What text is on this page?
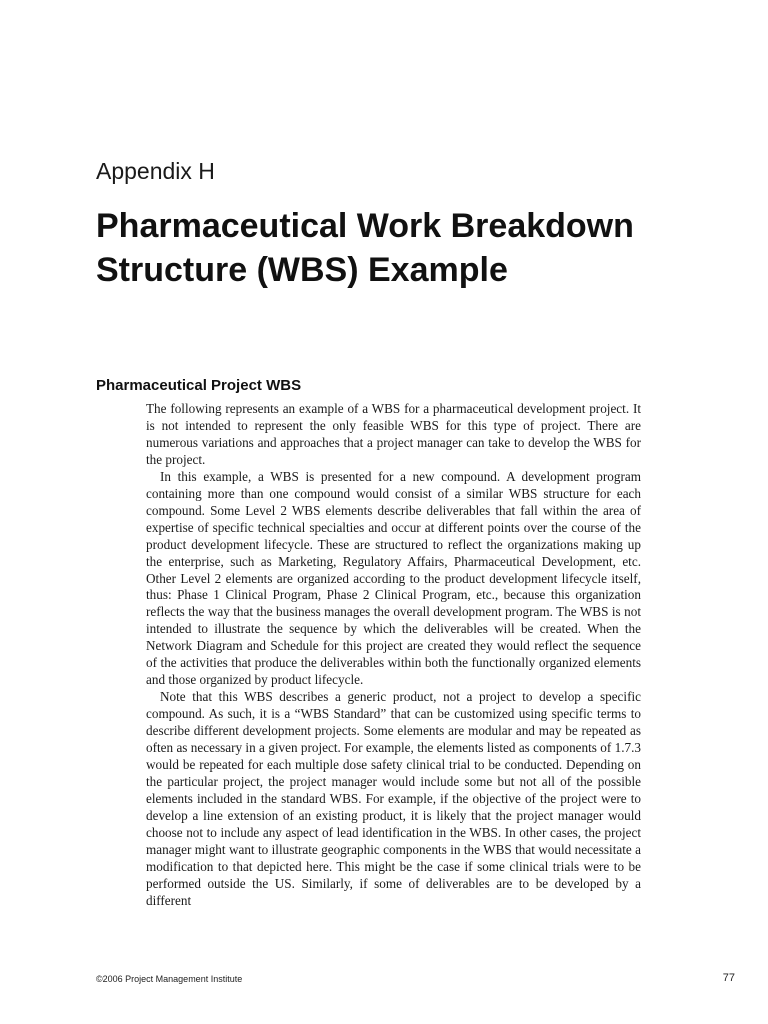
Appendix H
Pharmaceutical Work Breakdown Structure (WBS) Example
Pharmaceutical Project WBS

The following represents an example of a WBS for a pharmaceutical development project. It is not intended to represent the only feasible WBS for this type of project. There are numerous variations and approaches that a project manager can take to develop the WBS for the project.

In this example, a WBS is presented for a new compound. A development program containing more than one compound would consist of a similar WBS structure for each compound. Some Level 2 WBS elements describe deliverables that fall within the area of expertise of specific technical specialties and occur at different points over the course of the product development lifecycle. These are structured to reflect the organizations making up the enterprise, such as Marketing, Regulatory Affairs, Pharmaceutical Development, etc. Other Level 2 elements are organized according to the product development lifecycle itself, thus: Phase 1 Clinical Program, Phase 2 Clinical Program, etc., because this organization reflects the way that the business manages the overall development program. The WBS is not intended to illustrate the sequence by which the deliverables will be created. When the Network Diagram and Schedule for this project are created they would reflect the sequence of the activities that produce the deliverables within both the functionally organized elements and those organized by product lifecycle.

Note that this WBS describes a generic product, not a project to develop a specific compound. As such, it is a “WBS Standard” that can be customized using specific terms to describe different development projects. Some elements are modular and may be repeated as often as necessary in a given project. For example, the elements listed as components of 1.7.3 would be repeated for each multiple dose safety clinical trial to be conducted. Depending on the particular project, the project manager would include some but not all of the possible elements included in the standard WBS. For example, if the objective of the project were to develop a line extension of an existing product, it is likely that the project manager would choose not to include any aspect of lead identification in the WBS. In other cases, the project manager might want to illustrate geographic components in the WBS that would necessitate a modification to that depicted here. This might be the case if some clinical trials were to be performed outside the US. Similarly, if some of deliverables are to be developed by a different

©2006 Project Management Institute	77
